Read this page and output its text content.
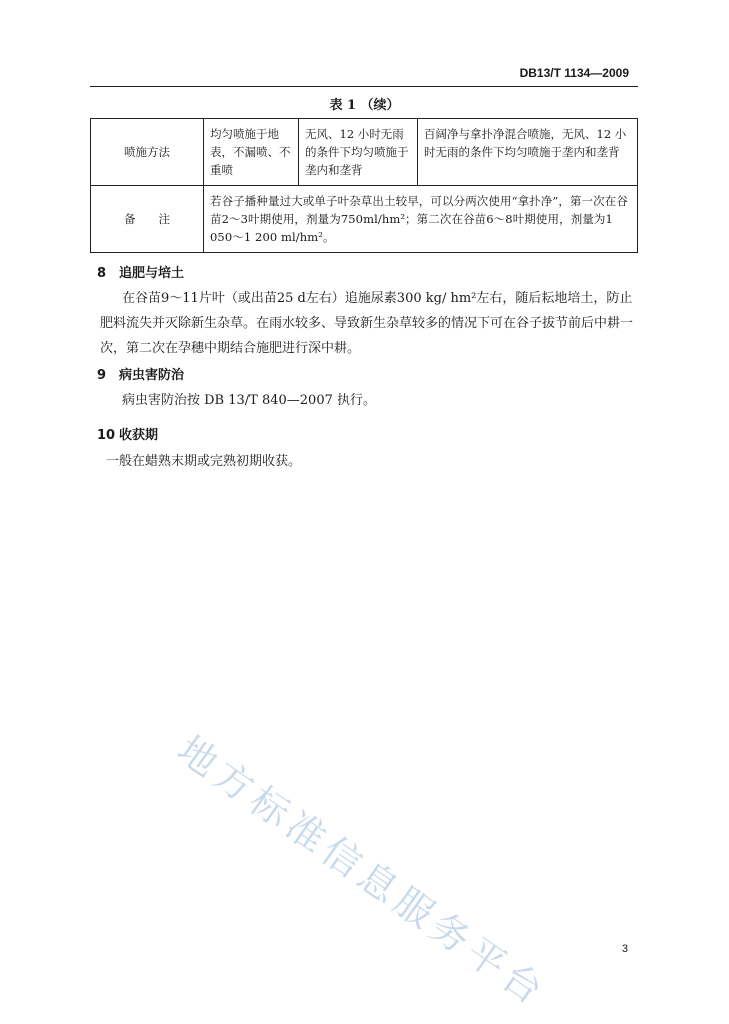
DB13/T 1134—2009
表 1 （续）
喷施方法	均匀喷施于地表，不漏喷、不重喷	无风、12 小时无雨的条件下均匀喷施于垄内和垄背	百阔净与拿扑净混合喷施，无风、12 小时无雨的条件下均匀喷施于垄内和垄背
备　　注	若谷子播种量过大或单子叶杂草出土较早，可以分两次使用“拿扑净”，第一次在谷苗2～3叶期使用，剂量为750ml/hm²；第二次在谷苗6～8叶期使用，剂量为1 050～1 200 ml/hm²。		
8 追肥与培土
在谷苗9～11片叶（或出苗25 d左右）追施尿素300 kg/ hm²左右，随后耘地培土，防止肥料流失并灭除新生杂草。在雨水较多、导致新生杂草较多的情况下可在谷子拔节前后中耕一次，第二次在孕穗中期结合施肥进行深中耕。
9 病虫害防治
病虫害防治按 DB 13/T 840—2007 执行。
10 收获期
一般在蜡熟末期或完熟初期收获。
地方标准信息服务平台	3
